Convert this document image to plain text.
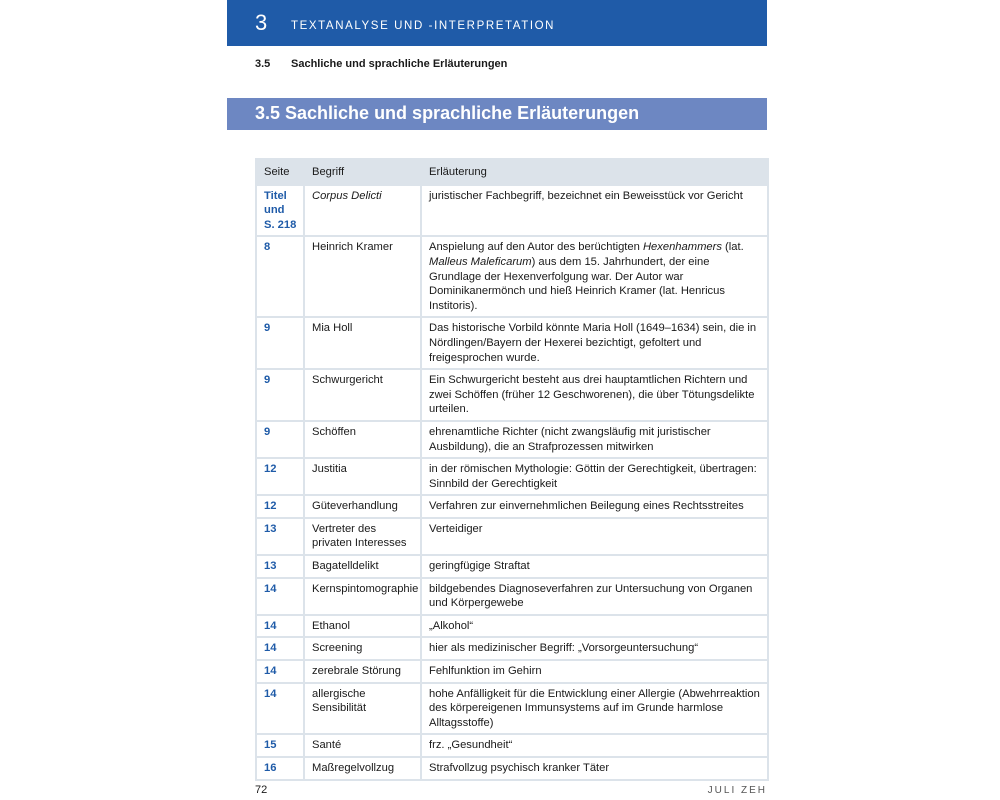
3 TEXTANALYSE UND -INTERPRETATION
3.5 Sachliche und sprachliche Erläuterungen
3.5 Sachliche und sprachliche Erläuterungen
Seite	Begriff	Erläuterung
Titel und S. 218	Corpus Delicti	juristischer Fachbegriff, bezeichnet ein Beweisstück vor Gericht
8	Heinrich Kramer	Anspielung auf den Autor des berüchtigten Hexenhammers (lat. Malleus Maleficarum) aus dem 15. Jahrhundert, der eine Grundlage der Hexenverfolgung war. Der Autor war Dominikanermönch und hieß Heinrich Kramer (lat. Henricus Institoris).
9	Mia Holl	Das historische Vorbild könnte Maria Holl (1649–1634) sein, die in Nördlingen/Bayern der Hexerei bezichtigt, gefoltert und freigesprochen wurde.
9	Schwurgericht	Ein Schwurgericht besteht aus drei hauptamtlichen Richtern und zwei Schöffen (früher 12 Geschworenen), die über Tötungsdelikte urteilen.
9	Schöffen	ehrenamtliche Richter (nicht zwangsläufig mit juristischer Ausbildung), die an Strafprozessen mitwirken
12	Justitia	in der römischen Mythologie: Göttin der Gerechtigkeit, übertragen: Sinnbild der Gerechtigkeit
12	Güteverhandlung	Verfahren zur einvernehmlichen Beilegung eines Rechtsstreites
13	Vertreter des privaten Interesses	Verteidiger
13	Bagatelldelikt	geringfügige Straftat
14	Kernspintomographie	bildgebendes Diagnoseverfahren zur Untersuchung von Organen und Körpergewebe
14	Ethanol	„Alkohol“
14	Screening	hier als medizinischer Begriff: „Vorsorgeuntersuchung“
14	zerebrale Störung	Fehlfunktion im Gehirn
14	allergische Sensibilität	hohe Anfälligkeit für die Entwicklung einer Allergie (Abwehrreaktion des körpereigenen Immunsystems auf im Grunde harmlose Alltagsstoffe)
15	Santé	frz. „Gesundheit“
16	Maßregelvollzug	Strafvollzug psychisch kranker Täter
72	JULI ZEH
